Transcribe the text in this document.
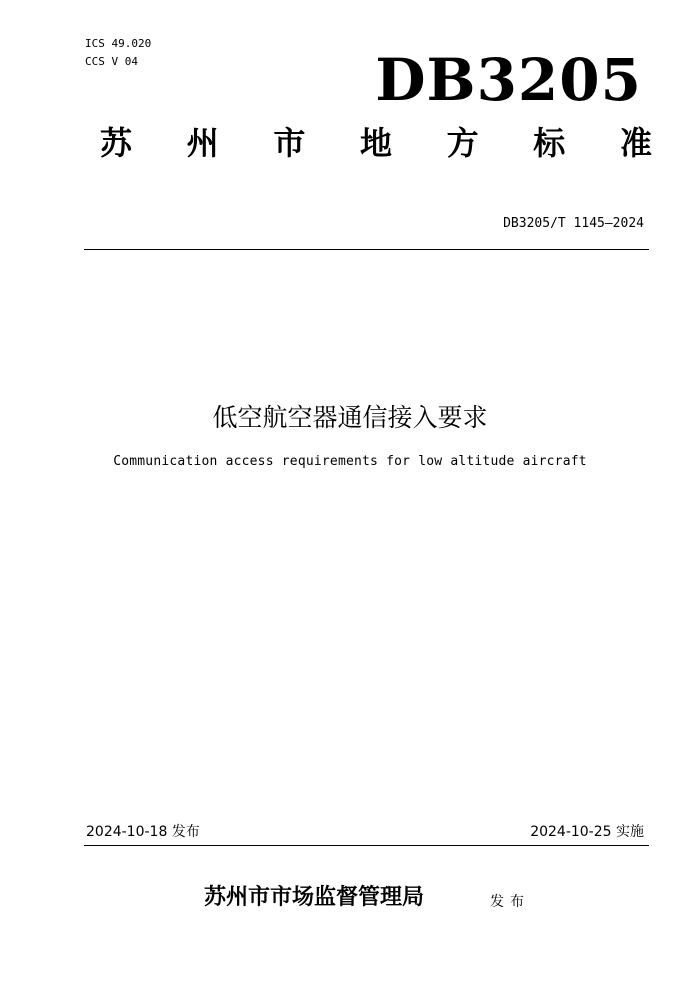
ICS 49.020
CCS V 04	DB3205
苏 州 市 地 方 标 准
DB3205/T 1145—2024
低空航空器通信接入要求
Communication access requirements for low altitude aircraft
2024-10-18 发布	2024-10-25 实施
苏州市市场监督管理局	发布
